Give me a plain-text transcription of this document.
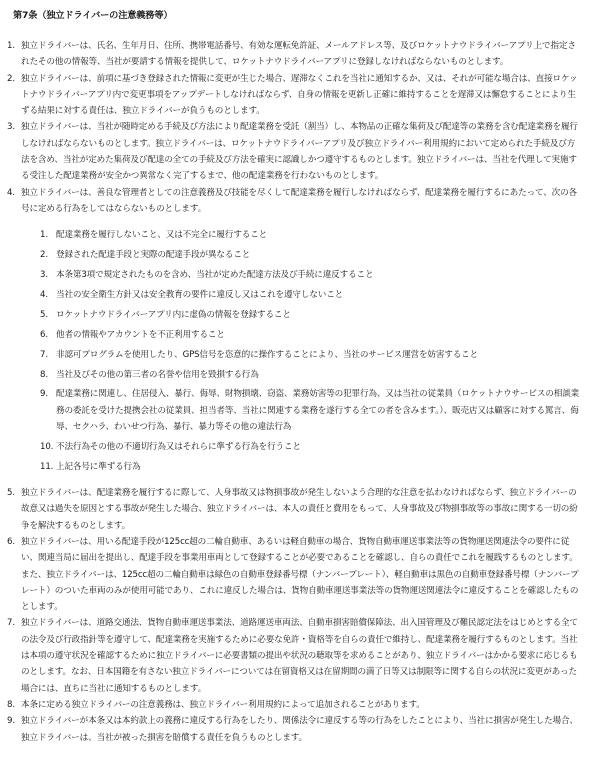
第7条（独立ドライバーの注意義務等）
1. 独立ドライバーは、氏名、生年月日、住所、携帯電話番号、有効な運転免許証、メールアドレス等、及びロケットナウドライバーアプリ上で指定されたその他の情報等、当社が要請する情報を提供して、ロケットナウドライバーアプリに登録しなければならないものとします。
2. 独立ドライバーは、前項に基づき登録された情報に変更が生じた場合、遅滞なくこれを当社に通知するか、又は、それが可能な場合は、直接ロケットナウドライバーアプリ内で変更事項をアップデートしなければならず、自身の情報を更新し正確に維持することを遅滞又は懈怠することにより生ずる結果に対する責任は、独立ドライバーが負うものとします。
3. 独立ドライバーは、当社が随時定める手続及び方法により配達業務を受託（割当）し、本物品の正確な集荷及び配達等の業務を含む配達業務を履行しなければならないものとします。独立ドライバーは、ロケットナウドライバーアプリ及び独立ドライバー利用規約において定められた手続及び方法を含め、当社が定めた集荷及び配達の全ての手続及び方法を確実に認識しかつ遵守するものとします。独立ドライバーは、当社を代理して実施する受注した配達業務が安全かつ異常なく完了するまで、他の配達業務を行わないものとします。
4. 独立ドライバーは、善良な管理者としての注意義務及び技能を尽くして配達業務を履行しなければならず、配達業務を履行するにあたって、次の各号に定める行為をしてはならないものとします。
1. 配達業務を履行しないこと、又は不完全に履行すること
2. 登録された配達手段と実際の配達手段が異なること
3. 本条第3項で規定されたものを含め、当社が定めた配達方法及び手続に違反すること
4. 当社の安全衛生方針又は安全教育の要件に違反し又はこれを遵守しないこと
5. ロケットナウドライバーアプリ内に虚偽の情報を登録すること
6. 他者の情報やアカウントを不正利用すること
7. 非認可プログラムを使用したり、GPS信号を恣意的に操作することにより、当社のサービス運営を妨害すること
8. 当社及びその他の第三者の名誉や信用を毀損する行為
9. 配達業務に関連し、住居侵入、暴行、侮辱、財物損壊、窃盗、業務妨害等の犯罪行為、又は当社の従業員（ロケットナウサービスの相談業務の委託を受けた提携会社の従業員、担当者等、当社に関連する業務を遂行する全ての者を含みます。）、販売店又は顧客に対する罵言、侮辱、セクハラ、わいせつ行為、暴行、暴力等その他の違法行為
10. 不法行為その他の不適切行為又はそれらに準ずる行為を行うこと
11. 上記各号に準ずる行為
5. 独立ドライバーは、配達業務を履行するに際して、人身事故又は物損事故が発生しないよう合理的な注意を払わなければならず、独立ドライバーの故意又は過失を原因とする事故が発生した場合、独立ドライバーは、本人の責任と費用をもって、人身事故及び物損事故等の事故に関する一切の紛争を解決するものとします。
6. 独立ドライバーは、用いる配達手段が125cc超の二輪自動車、あるいは軽自動車の場合、貨物自動車運送事業法等の貨物運送関連法令の要件に従い、関連当局に届出を提出し、配達手段を事業用車両として登録することが必要であることを確認し、自らの責任でこれを履践するものとします。また、独立ドライバーは、125cc超の二輪自動車は緑色の自動車登録番号標（ナンバープレート）、軽自動車は黒色の自動車登録番号標（ナンバープレート）のついた車両のみが使用可能であり、これに違反した場合は、貨物自動車運送事業法等の貨物運送関連法令に違反することを確認したものとします。
7. 独立ドライバーは、道路交通法、貨物自動車運送事業法、道路運送車両法、自動車損害賠償保障法、出入国管理及び難民認定法をはじめとする全ての法令及び行政指針等を遵守して、配達業務を実施するために必要な免許・資格等を自らの責任で維持し、配達業務を履行するものとします。当社は本項の遵守状況を確認するために独立ドライバーに必要書類の提出や状況の聴取等を求めることがあり、独立ドライバーはかかる要求に応じるものとします。なお、日本国籍を有さない独立ドライバーについては在留資格又は在留期間の満了日等又は制限等に関する自らの状況に変更があった場合には、直ちに当社に通知するものとします。
8. 本条に定める独立ドライバーの注意義務は、独立ドライバー利用規約によって追加されることがあります。
9. 独立ドライバーが本条又は本約款上の義務に違反する行為をしたり、関係法令に違反する等の行為をしたことにより、当社に損害が発生した場合、独立ドライバーは、当社が被った損害を賠償する責任を負うものとします。
